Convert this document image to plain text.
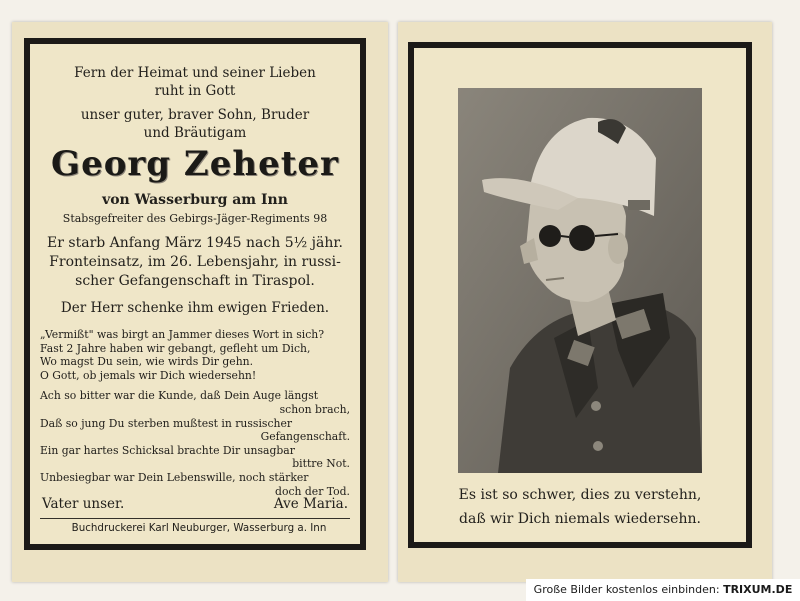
Fern der Heimat und seiner Lieben
ruht in Gott
unser guter, braver Sohn, Bruder
und Bräutigam
Georg Zeheter
von Wasserburg am Inn
Stabsgefreiter des Gebirgs-Jäger-Regiments 98
Er starb Anfang März 1945 nach 5½ jähr.
Fronteinsatz, im 26. Lebensjahr, in russi-
scher Gefangenschaft in Tiraspol.
Der Herr schenke ihm ewigen Frieden.
„Vermißt" was birgt an Jammer dieses Wort in sich?
Fast 2 Jahre haben wir gebangt, gefleht um Dich,
Wo magst Du sein, wie wirds Dir gehn.
O Gott, ob jemals wir Dich wiedersehn!
Ach so bitter war die Kunde, daß Dein Auge längst
schon brach,
Daß so jung Du sterben mußtest in russischer
Gefangenschaft.
Ein gar hartes Schicksal brachte Dir unsagbar
bittre Not.
Unbesiegbar war Dein Lebenswille, noch stärker
doch der Tod.
Vater unser.	Ave Maria.
Buchdruckerei Karl Neuburger, Wasserburg a. Inn
Es ist so schwer, dies zu verstehn,
daß wir Dich niemals wiedersehn.
Große Bilder kostenlos einbinden: TRIXUM.DE
